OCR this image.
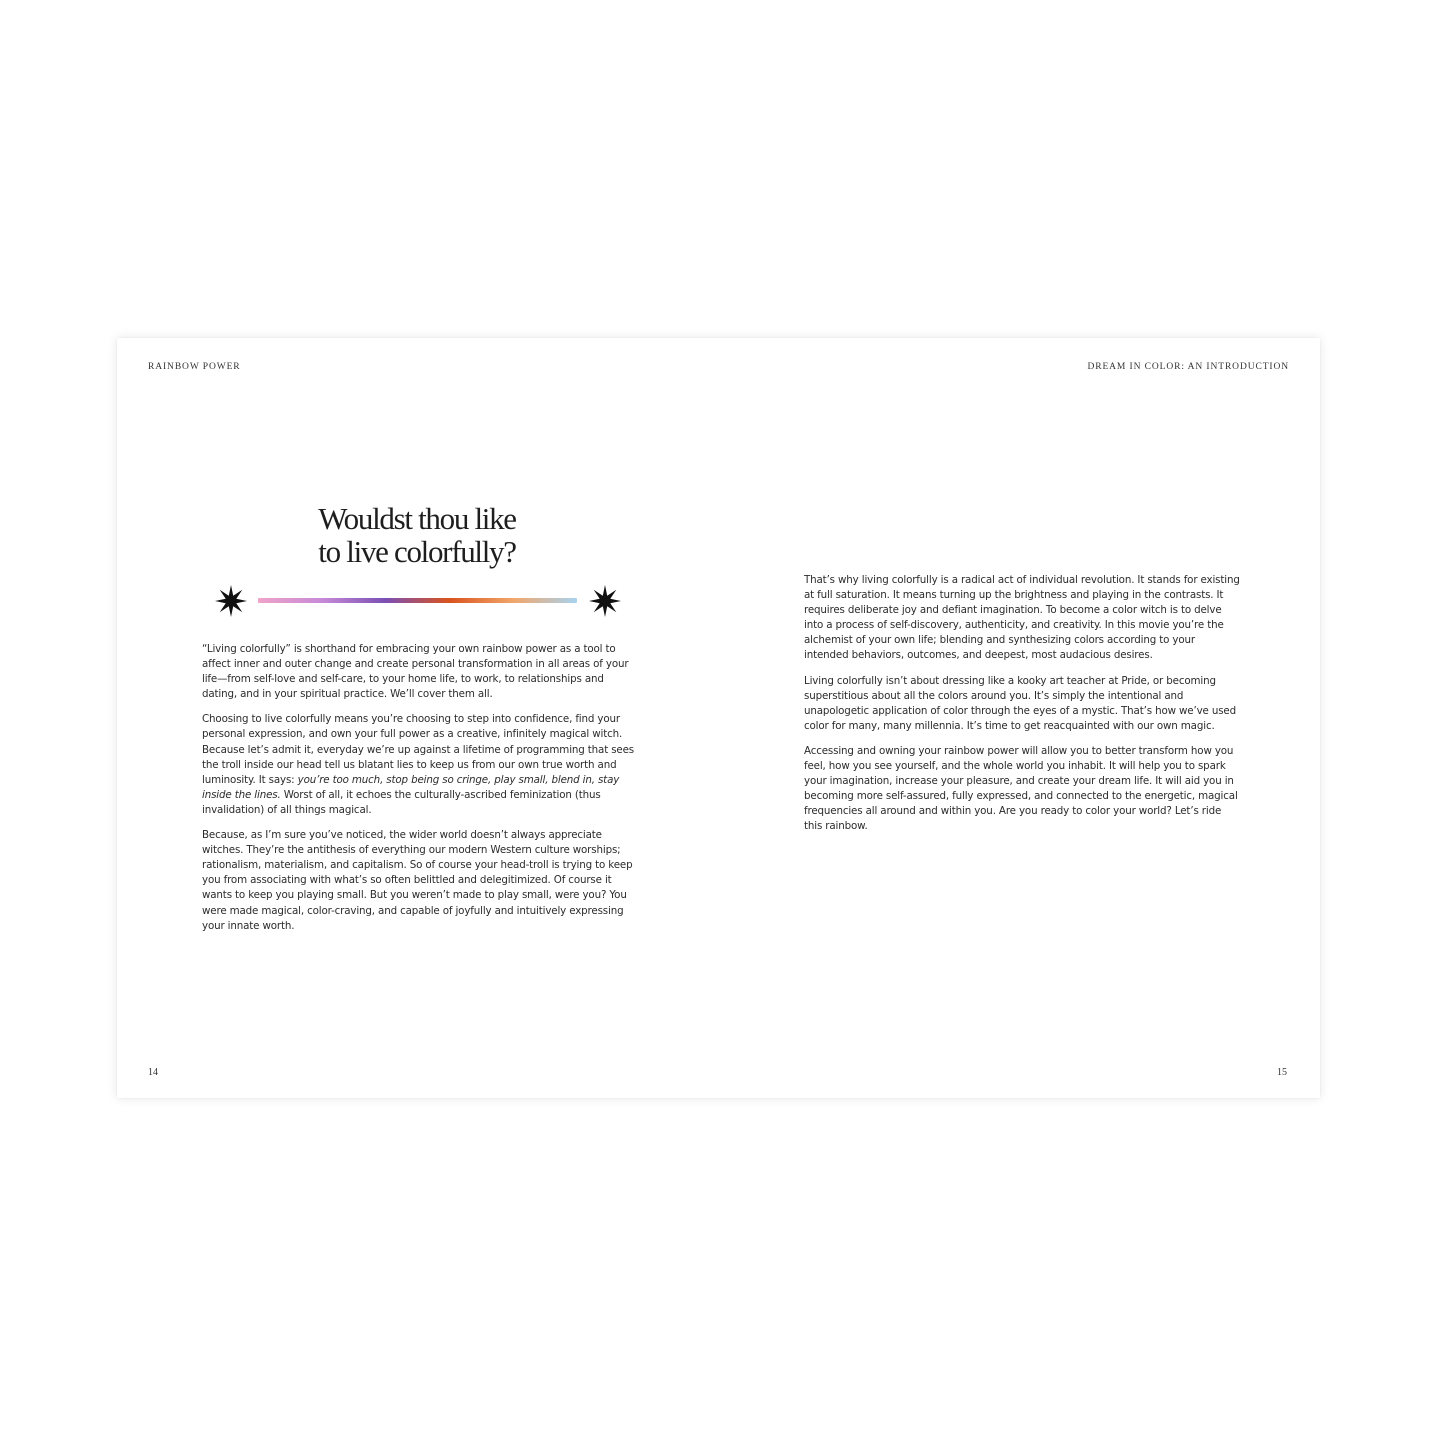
RAINBOW POWER
Wouldst thou like
to live colorfully?

“Living colorfully” is shorthand for embracing your own rainbow power as a tool to affect inner and outer change and create personal transformation in all areas of your life—from self-love and self-care, to your home life, to work, to relationships and dating, and in your spiritual practice. We’ll cover them all.

Choosing to live colorfully means you’re choosing to step into confidence, find your personal expression, and own your full power as a creative, infinitely magical witch. Because let’s admit it, everyday we’re up against a lifetime of programming that sees the troll inside our head tell us blatant lies to keep us from our own true worth and luminosity. It says: you’re too much, stop being so cringe, play small, blend in, stay inside the lines. Worst of all, it echoes the culturally-ascribed feminization (thus invalidation) of all things magical.

Because, as I’m sure you’ve noticed, the wider world doesn’t always appreciate witches. They’re the antithesis of everything our modern Western culture worships; rationalism, materialism, and capitalism. So of course your head-troll is trying to keep you from associating with what’s so often belittled and delegitimized. Of course it wants to keep you playing small. But you weren’t made to play small, were you? You were made magical, color-craving, and capable of joyfully and intuitively expressing your innate worth.

14
DREAM IN COLOR: AN INTRODUCTION

That’s why living colorfully is a radical act of individual revolution. It stands for existing at full saturation. It means turning up the brightness and playing in the contrasts. It requires deliberate joy and defiant imagination. To become a color witch is to delve into a process of self-discovery, authenticity, and creativity. In this movie you’re the alchemist of your own life; blending and synthesizing colors according to your intended behaviors, outcomes, and deepest, most audacious desires.

Living colorfully isn’t about dressing like a kooky art teacher at Pride, or becoming superstitious about all the colors around you. It’s simply the intentional and unapologetic application of color through the eyes of a mystic. That’s how we’ve used color for many, many millennia. It’s time to get reacquainted with our own magic.

Accessing and owning your rainbow power will allow you to better transform how you feel, how you see yourself, and the whole world you inhabit. It will help you to spark your imagination, increase your pleasure, and create your dream life. It will aid you in becoming more self-assured, fully expressed, and connected to the energetic, magical frequencies all around and within you. Are you ready to color your world? Let’s ride this rainbow.

15
